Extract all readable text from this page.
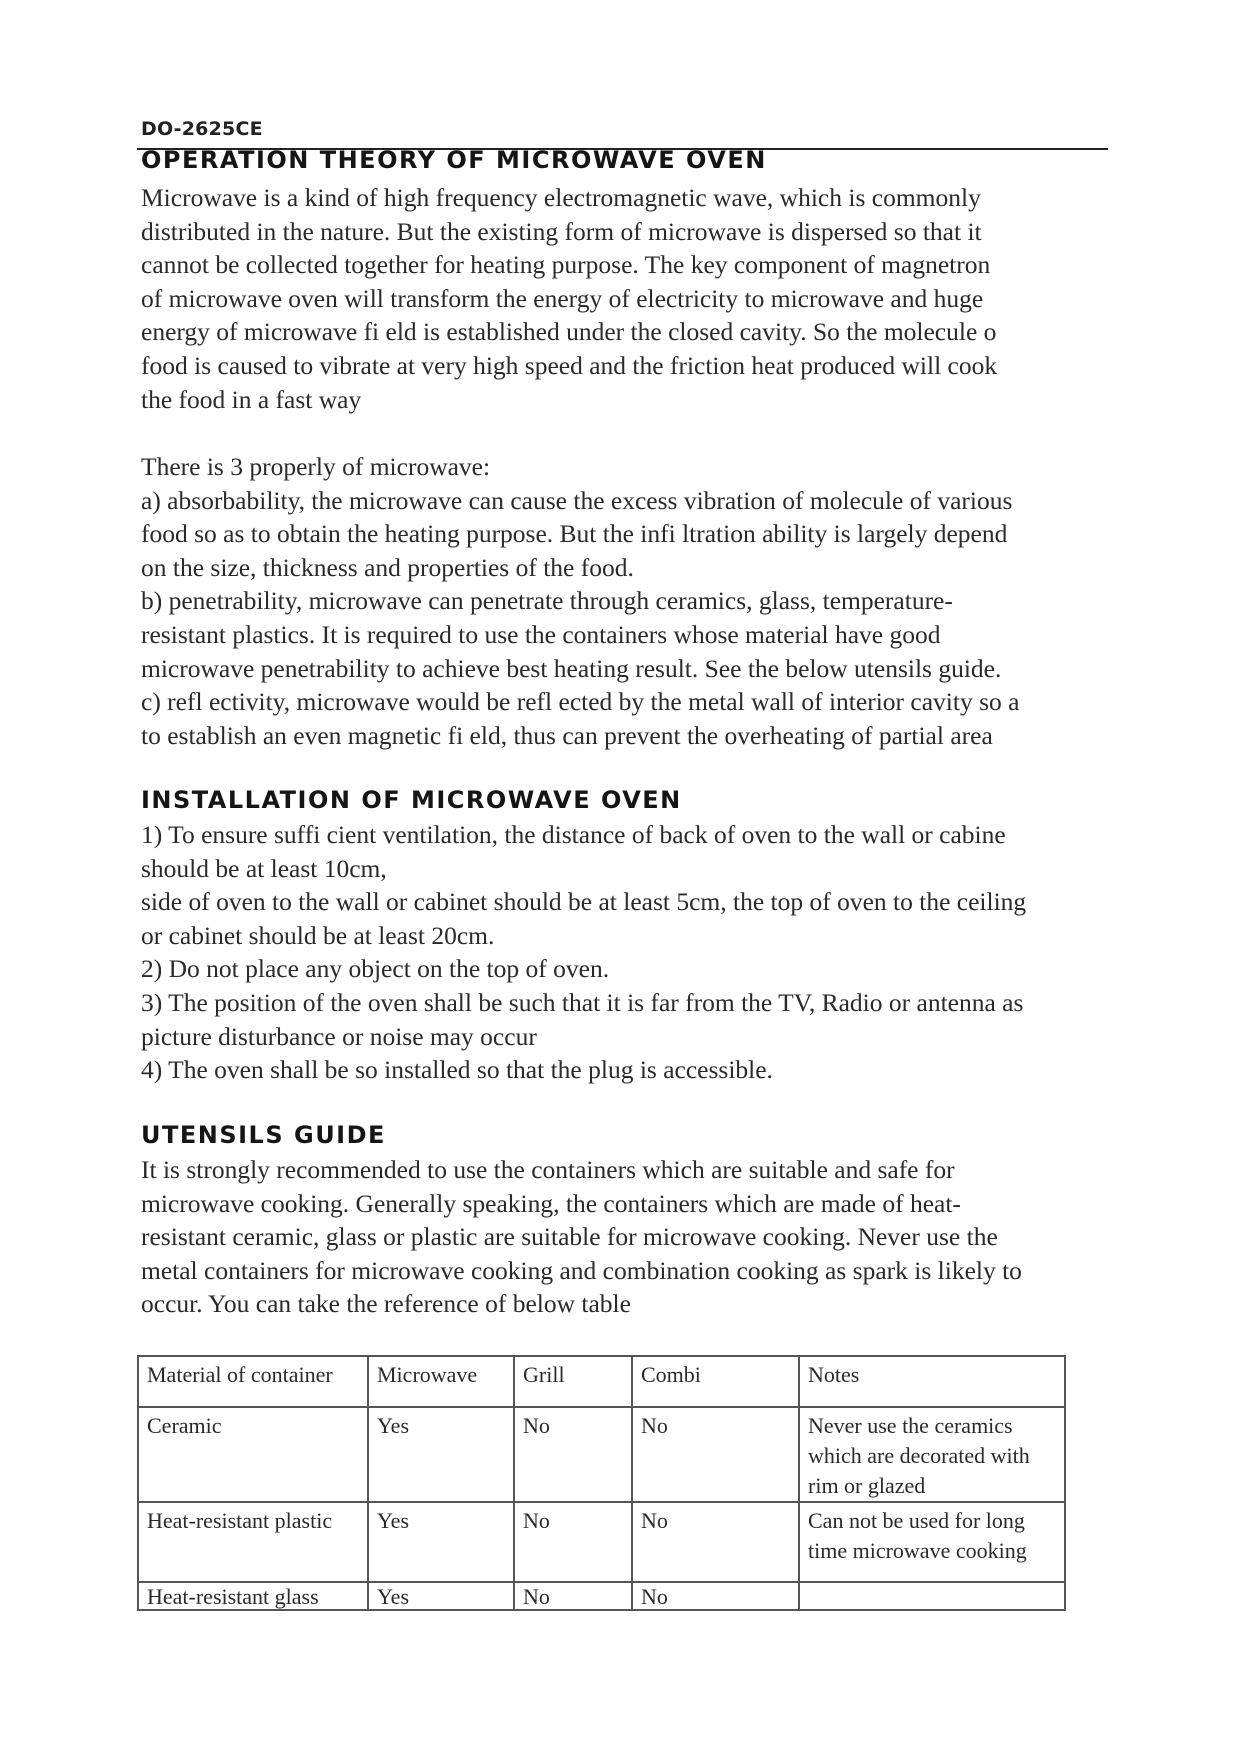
DO-2625CE
OPERATION THEORY OF MICROWAVE OVEN
Microwave is a kind of high frequency electromagnetic wave, which is commonly
distributed in the nature. But the existing form of microwave is dispersed so that it
cannot be collected together for heating purpose. The key component of magnetron
of microwave oven will transform the energy of electricity to microwave and huge
energy of microwave fi eld is established under the closed cavity. So the molecule o
food is caused to vibrate at very high speed and the friction heat produced will cook
the food in a fast way
There is 3 properly of microwave:
a) absorbability, the microwave can cause the excess vibration of molecule of various
food so as to obtain the heating purpose. But the infi ltration ability is largely depend
on the size, thickness and properties of the food.
b) penetrability, microwave can penetrate through ceramics, glass, temperature-
resistant plastics. It is required to use the containers whose material have good
microwave penetrability to achieve best heating result. See the below utensils guide.
c) refl ectivity, microwave would be refl ected by the metal wall of interior cavity so a
to establish an even magnetic fi eld, thus can prevent the overheating of partial area
INSTALLATION OF MICROWAVE OVEN
1) To ensure suffi cient ventilation, the distance of back of oven to the wall or cabine
should be at least 10cm,
side of oven to the wall or cabinet should be at least 5cm, the top of oven to the ceiling
or cabinet should be at least 20cm.
2) Do not place any object on the top of oven.
3) The position of the oven shall be such that it is far from the TV, Radio or antenna as
picture disturbance or noise may occur
4) The oven shall be so installed so that the plug is accessible.
UTENSILS GUIDE
It is strongly recommended to use the containers which are suitable and safe for
microwave cooking. Generally speaking, the containers which are made of heat-
resistant ceramic, glass or plastic are suitable for microwave cooking. Never use the
metal containers for microwave cooking and combination cooking as spark is likely to
occur. You can take the reference of below table
Material of container	Microwave	Grill	Combi	Notes
Ceramic	Yes	No	No	Never use the ceramics which are decorated with rim or glazed
Heat-resistant plastic	Yes	No	No	Can not be used for long time microwave cooking
Heat-resistant glass	Yes	No	No	
